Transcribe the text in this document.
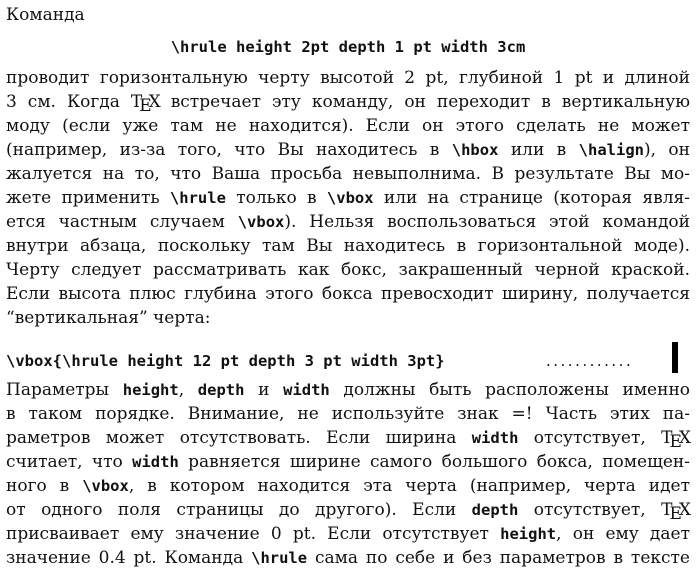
Команда
\hrule height 2pt depth 1 pt width 3cm
проводит горизонтальную черту высотой 2 pt, глубиной 1 pt и длиной
3 см. Когда TEX встречает эту команду, он переходит в вертикальную
моду (если уже там не находится). Если он этого сделать не может
(например, из-за того, что Вы находитесь в \hbox или в \halign), он
жалуется на то, что Ваша просьба невыполнима. В результате Вы мо-
жете применить \hrule только в \vbox или на странице (которая явля-
ется частным случаем \vbox). Нельзя воспользоваться этой командой
внутри абзаца, поскольку там Вы находитесь в горизонтальной моде).
Черту следует рассматривать как бокс, закрашенный черной краской.
Если высота плюс глубина этого бокса превосходит ширину, получается
“вертикальная” черта:
\vbox{\hrule height 12 pt depth 3 pt width 3pt}	............
Параметры height, depth и width должны быть расположены именно
в таком порядке. Внимание, не используйте знак =! Часть этих па-
раметров может отсутствовать. Если ширина width отсутствует, TEX
считает, что width равняется ширине самого большого бокса, помещен-
ного в \vbox, в котором находится эта черта (например, черта идет
от одного поля страницы до другого). Если depth отсутствует, TEX
присваивает ему значение 0 pt. Если отсутствует height, он ему дает
значение 0.4 pt. Команда \hrule сама по себе и без параметров в тексте
